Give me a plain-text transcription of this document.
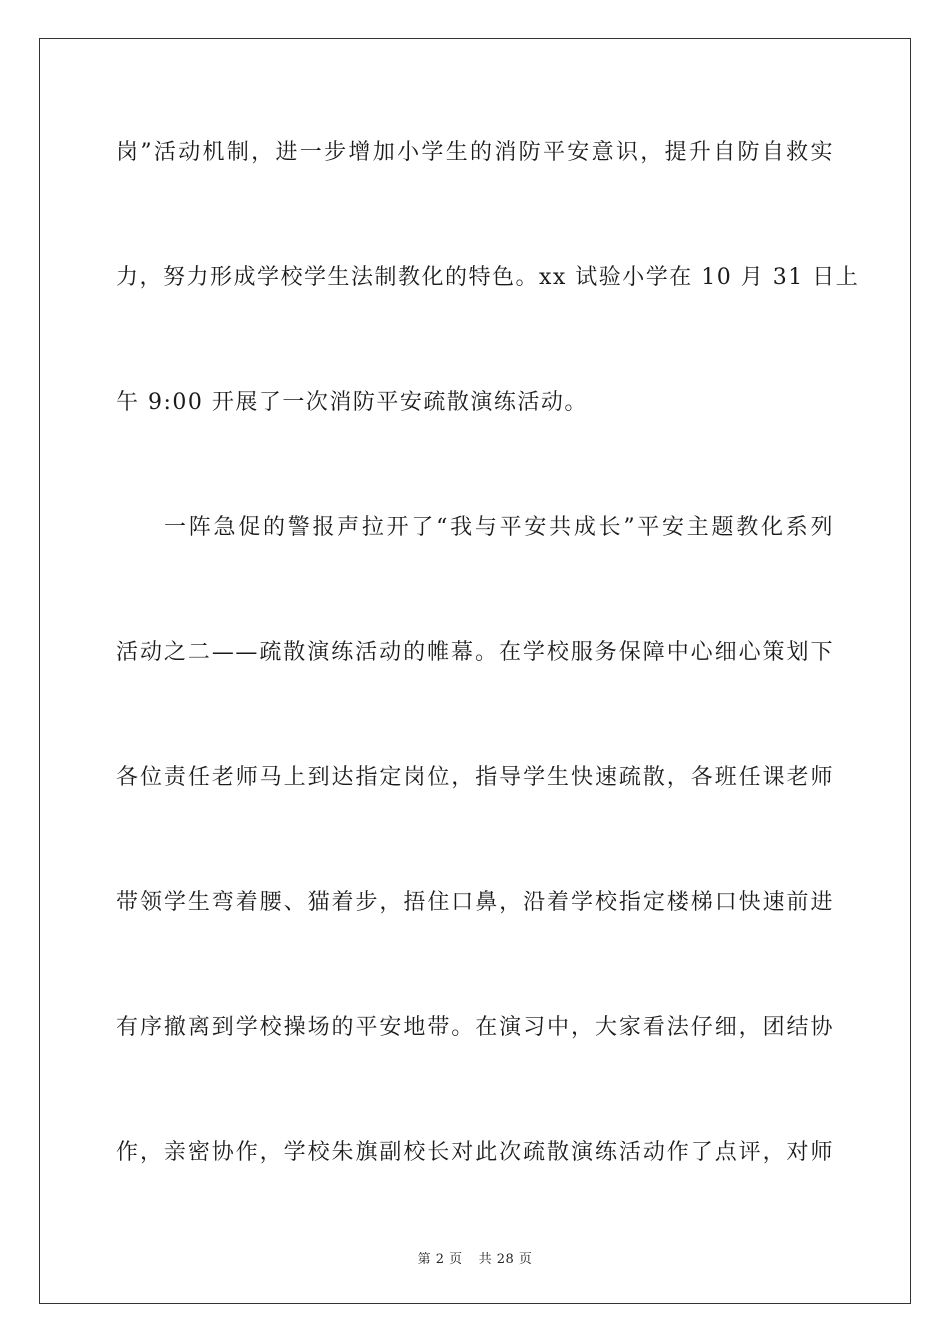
岗”活动机制，进一步增加小学生的消防平安意识，提升自防自救实
力，努力形成学校学生法制教化的特色。xx 试验小学在 10 月 31 日上
午 9:00 开展了一次消防平安疏散演练活动。
一阵急促的警报声拉开了“我与平安共成长”平安主题教化系列
活动之二——疏散演练活动的帷幕。在学校服务保障中心细心策划下
各位责任老师马上到达指定岗位，指导学生快速疏散，各班任课老师
带领学生弯着腰、猫着步，捂住口鼻，沿着学校指定楼梯口快速前进
有序撤离到学校操场的平安地带。在演习中，大家看法仔细，团结协
作，亲密协作，学校朱旗副校长对此次疏散演练活动作了点评，对师
第 2 页 共 28 页
